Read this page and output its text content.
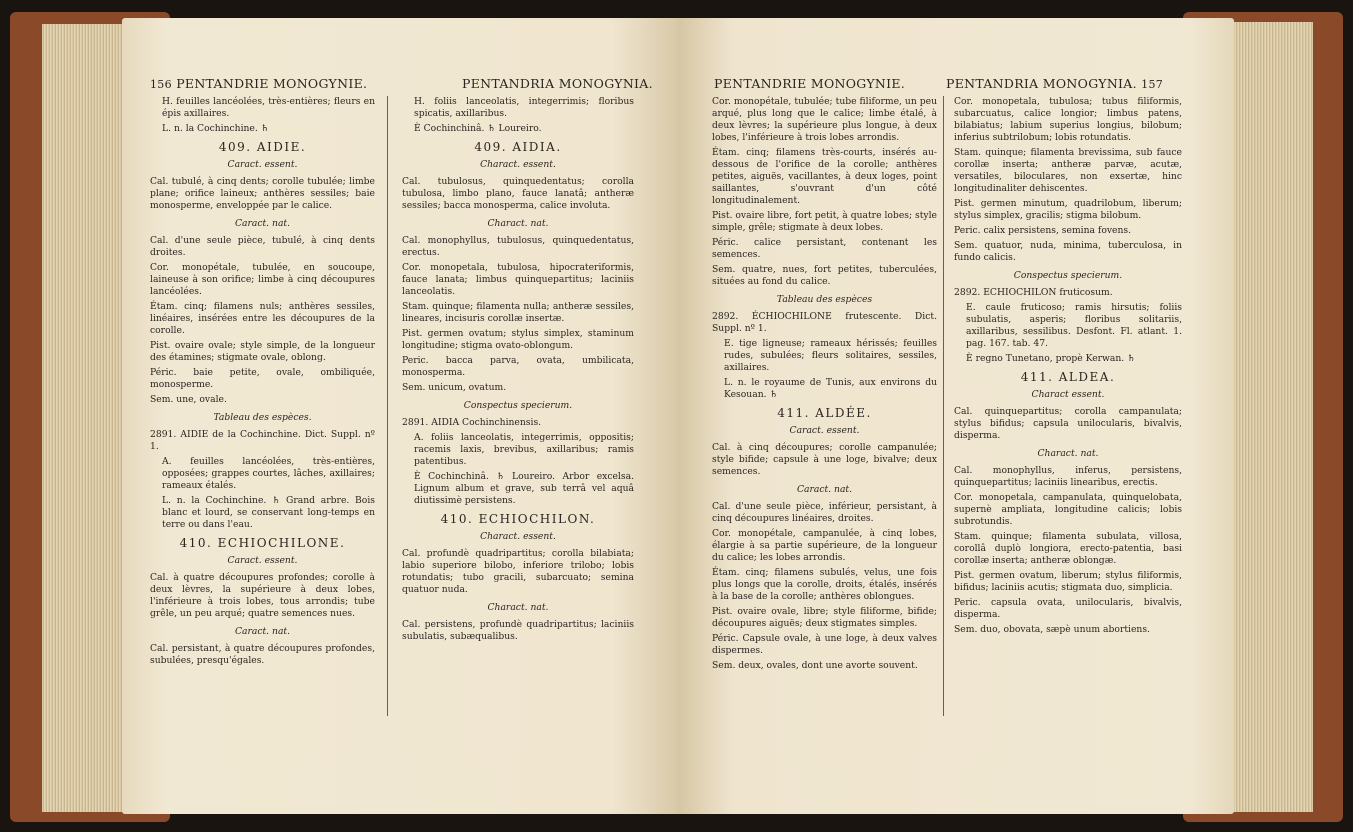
156 PENTANDRIE MONOGYNIE.	PENTANDRIA MONOGYNIA.

H. feuilles lancéolées, très-entières; fleurs en épis axillaires.

L. n. la Cochinchine. ♄

409. AIDIE.

Caract. essent.

Cal. tubulé, à cinq dents; corolle tubulée; limbe plane; orifice laineux; anthères sessiles; baie monosperme, enveloppée par le calice.

Caract. nat.

Cal. d'une seule pièce, tubulé, à cinq dents droites.

Cor. monopétale, tubulée, en soucoupe, laineuse à son orifice; limbe à cinq découpures lancéolées.

Étam. cinq; filamens nuls; anthères sessiles, linéaires, insérées entre les découpures de la corolle.

Pist. ovaire ovale; style simple, de la longueur des étamines; stigmate ovale, oblong.

Péric. baie petite, ovale, ombiliquée, monosperme.

Sem. une, ovale.

Tableau des espèces.

2891. AIDIE de la Cochinchine. Dict. Suppl. nº 1.

A. feuilles lancéolées, très-entières, opposées; grappes courtes, lâches, axillaires; rameaux étalés.

L. n. la Cochinchine. ♄ Grand arbre. Bois blanc et lourd, se conservant long-temps en terre ou dans l'eau.

410. ECHIOCHILONE.

Caract. essent.

Cal. à quatre découpures profondes; corolle à deux lèvres, la supérieure à deux lobes, l'inférieure à trois lobes, tous arrondis; tube grêle, un peu arqué; quatre semences nues.

Caract. nat.

Cal. persistant, à quatre découpures profondes, subulées, presqu'égales.

H. foliis lanceolatis, integerrimis; floribus spicatis, axillaribus.

È Cochinchinâ. ♄ Loureiro.

409. AIDIA.

Charact. essent.

Cal. tubulosus, quinquedentatus; corolla tubulosa, limbo plano, fauce lanatâ; antheræ sessiles; bacca monosperma, calice involuta.

Charact. nat.

Cal. monophyllus, tubulosus, quinquedentatus, erectus.

Cor. monopetala, tubulosa, hipocrateriformis, fauce lanata; limbus quinquepartitus; laciniis lanceolatis.

Stam. quinque; filamenta nulla; antheræ sessiles, lineares, incisuris corollæ insertæ.

Pist. germen ovatum; stylus simplex, staminum longitudine; stigma ovato-oblongum.

Peric. bacca parva, ovata, umbilicata, monosperma.

Sem. unicum, ovatum.

Conspectus specierum.

2891. AIDIA Cochinchinensis.

A. foliis lanceolatis, integerrimis, oppositis; racemis laxis, brevibus, axillaribus; ramis patentibus.

È Cochinchinâ. ♄ Loureiro. Arbor excelsa. Lignum album et grave, sub terrâ vel aquâ diutissimè persistens.

410. ECHIOCHILON.

Charact. essent.

Cal. profundè quadripartitus; corolla bilabiata; labio superiore bilobo, inferiore trilobo; lobis rotundatis; tubo gracili, subarcuato; semina quatuor nuda.

Charact. nat.

Cal. persistens, profundè quadripartitus; laciniis subulatis, subæqualibus.

PENTANDRIE MONOGYNIE.	PENTANDRIA MONOGYNIA. 157

Cor. monopétale, tubulée; tube filiforme, un peu arqué, plus long que le calice; limbe étalé, à deux lèvres; la supérieure plus longue, à deux lobes, l'inférieure à trois lobes arrondis.

Étam. cinq; filamens très-courts, insérés au-dessous de l'orifice de la corolle; anthères petites, aiguës, vacillantes, à deux loges, point saillantes, s'ouvrant d'un côté longitudinalement.

Pist. ovaire libre, fort petit, à quatre lobes; style simple, grêle; stigmate à deux lobes.

Péric. calice persistant, contenant les semences.

Sem. quatre, nues, fort petites, tuberculées, situées au fond du calice.

Tableau des espèces

2892. ÉCHIOCHILONE frutescente. Dict. Suppl. nº 1.

E. tige ligneuse; rameaux hérissés; feuilles rudes, subulées; fleurs solitaires, sessiles, axillaires.

L. n. le royaume de Tunis, aux environs du Kesouan. ♄

411. ALDÉE.

Caract. essent.

Cal. à cinq découpures; corolle campanulée; style bifide; capsule à une loge, bivalve; deux semences.

Caract. nat.

Cal. d'une seule pièce, inférieur, persistant, à cinq découpures linéaires, droites.

Cor. monopétale, campanulée, à cinq lobes, élargie à sa partie supérieure, de la longueur du calice; les lobes arrondis.

Étam. cinq; filamens subulés, velus, une fois plus longs que la corolle, droits, étalés, insérés à la base de la corolle; anthères oblongues.

Pist. ovaire ovale, libre; style filiforme, bifide; découpures aiguës; deux stigmates simples.

Péric. Capsule ovale, à une loge, à deux valves dispermes.

Sem. deux, ovales, dont une avorte souvent.

Cor. monopetala, tubulosa; tubus filiformis, subarcuatus, calice longior; limbus patens, bilabiatus; labium superius longius, bilobum; inferius subtrilobum; lobis rotundatis.

Stam. quinque; filamenta brevissima, sub fauce corollæ inserta; antheræ parvæ, acutæ, versatiles, biloculares, non exsertæ, hinc longitudinaliter dehiscentes.

Pist. germen minutum, quadrilobum, liberum; stylus simplex, gracilis; stigma bilobum.

Peric. calix persistens, semina fovens.

Sem. quatuor, nuda, minima, tuberculosa, in fundo calicis.

Conspectus specierum.

2892. ECHIOCHILON fruticosum.

E. caule fruticoso; ramis hirsutis; foliis subulatis, asperis; floribus solitariis, axillaribus, sessilibus. Desfont. Fl. atlant. 1. pag. 167. tab. 47.

È regno Tunetano, propè Kerwan. ♄

411. ALDEA.

Charact essent.

Cal. quinquepartitus; corolla campanulata; stylus bifidus; capsula unilocularis, bivalvis, disperma.

Charact. nat.

Cal. monophyllus, inferus, persistens, quinquepartitus; laciniis linearibus, erectis.

Cor. monopetala, campanulata, quinquelobata, supernè ampliata, longitudine calicis; lobis subrotundis.

Stam. quinque; filamenta subulata, villosa, corollâ duplò longiora, erecto-patentia, basi corollæ inserta; antheræ oblongæ.

Pist. germen ovatum, liberum; stylus filiformis, bifidus; laciniis acutis; stigmata duo, simplicia.

Peric. capsula ovata, unilocularis, bivalvis, disperma.

Sem. duo, obovata, sæpè unum abortiens.
